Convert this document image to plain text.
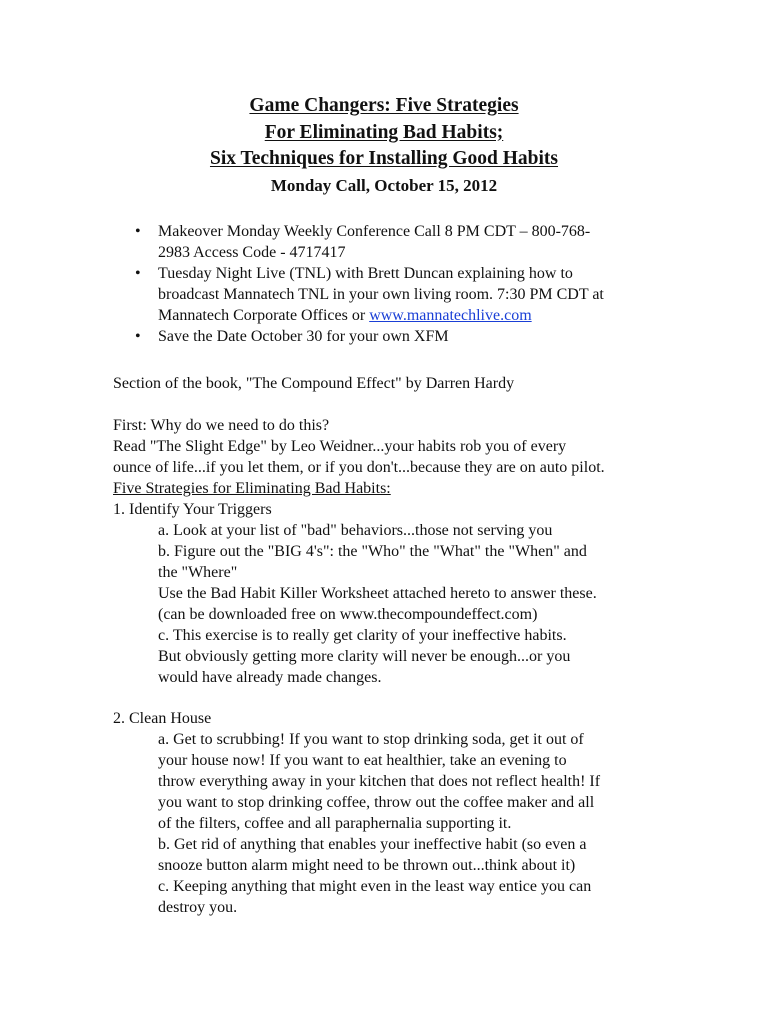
Game Changers: Five Strategies
For Eliminating Bad Habits;
Six Techniques for Installing Good Habits
Monday Call, October 15, 2012
• Makeover Monday Weekly Conference Call 8 PM CDT – 800-768-
2983 Access Code - 4717417
• Tuesday Night Live (TNL) with Brett Duncan explaining how to
broadcast Mannatech TNL in your own living room. 7:30 PM CDT at
Mannatech Corporate Offices or www.mannatechlive.com
• Save the Date October 30 for your own XFM
Section of the book, "The Compound Effect" by Darren Hardy
First: Why do we need to do this?
Read "The Slight Edge" by Leo Weidner...your habits rob you of every
ounce of life...if you let them, or if you don't...because they are on auto pilot.
Five Strategies for Eliminating Bad Habits:
1. Identify Your Triggers
a. Look at your list of "bad" behaviors...those not serving you
b. Figure out the "BIG 4's": the "Who" the "What" the "When" and
the "Where"
Use the Bad Habit Killer Worksheet attached hereto to answer these.
(can be downloaded free on www.thecompoundeffect.com)
c. This exercise is to really get clarity of your ineffective habits.
But obviously getting more clarity will never be enough...or you
would have already made changes.
2. Clean House
a. Get to scrubbing! If you want to stop drinking soda, get it out of
your house now! If you want to eat healthier, take an evening to
throw everything away in your kitchen that does not reflect health! If
you want to stop drinking coffee, throw out the coffee maker and all
of the filters, coffee and all paraphernalia supporting it.
b. Get rid of anything that enables your ineffective habit (so even a
snooze button alarm might need to be thrown out...think about it)
c. Keeping anything that might even in the least way entice you can
destroy you.
